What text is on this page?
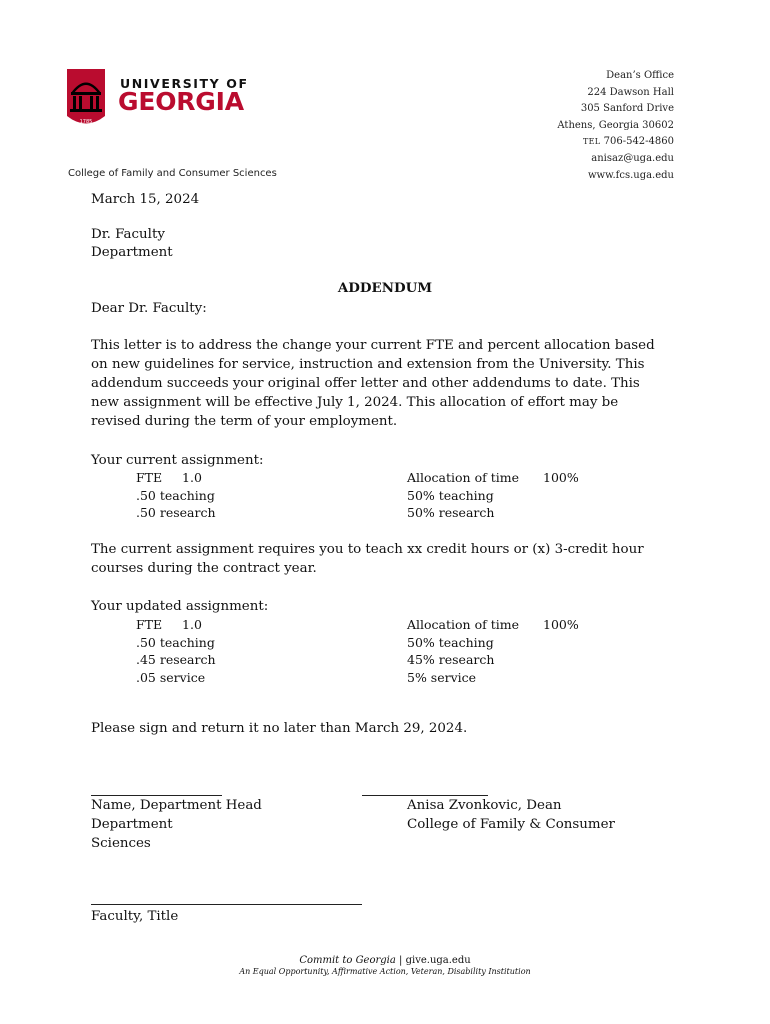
1785
UNIVERSITY OF
GEORGIA
College of Family and Consumer Sciences
Dean’s Office
224 Dawson Hall
305 Sanford Drive
Athens, Georgia 30602
TEL 706-542-4860
anisaz@uga.edu
www.fcs.uga.edu
March 15, 2024
Dr. Faculty
Department
ADDENDUM
Dear Dr. Faculty:
This letter is to address the change your current FTE and percent allocation based
on new guidelines for service, instruction and extension from the University. This
addendum succeeds your original offer letter and other addendums to date. This
new assignment will be effective July 1, 2024. This allocation of effort may be
revised during the term of your employment.
Your current assignment:
FTE 1.0
.50 teaching
.50 research
Allocation of time
50% teaching
50% research
100%
The current assignment requires you to teach xx credit hours or (x) 3-credit hour
courses during the contract year.
Your updated assignment:
FTE 1.0
.50 teaching
.45 research
.05 service
Allocation of time
50% teaching
45% research
5% service
100%
Please sign and return it no later than March 29, 2024.
Name, Department Head
Department
Sciences
Anisa Zvonkovic, Dean
College of Family & Consumer
Faculty, Title
Commit to Georgia | give.uga.edu
An Equal Opportunity, Affirmative Action, Veteran, Disability Institution
